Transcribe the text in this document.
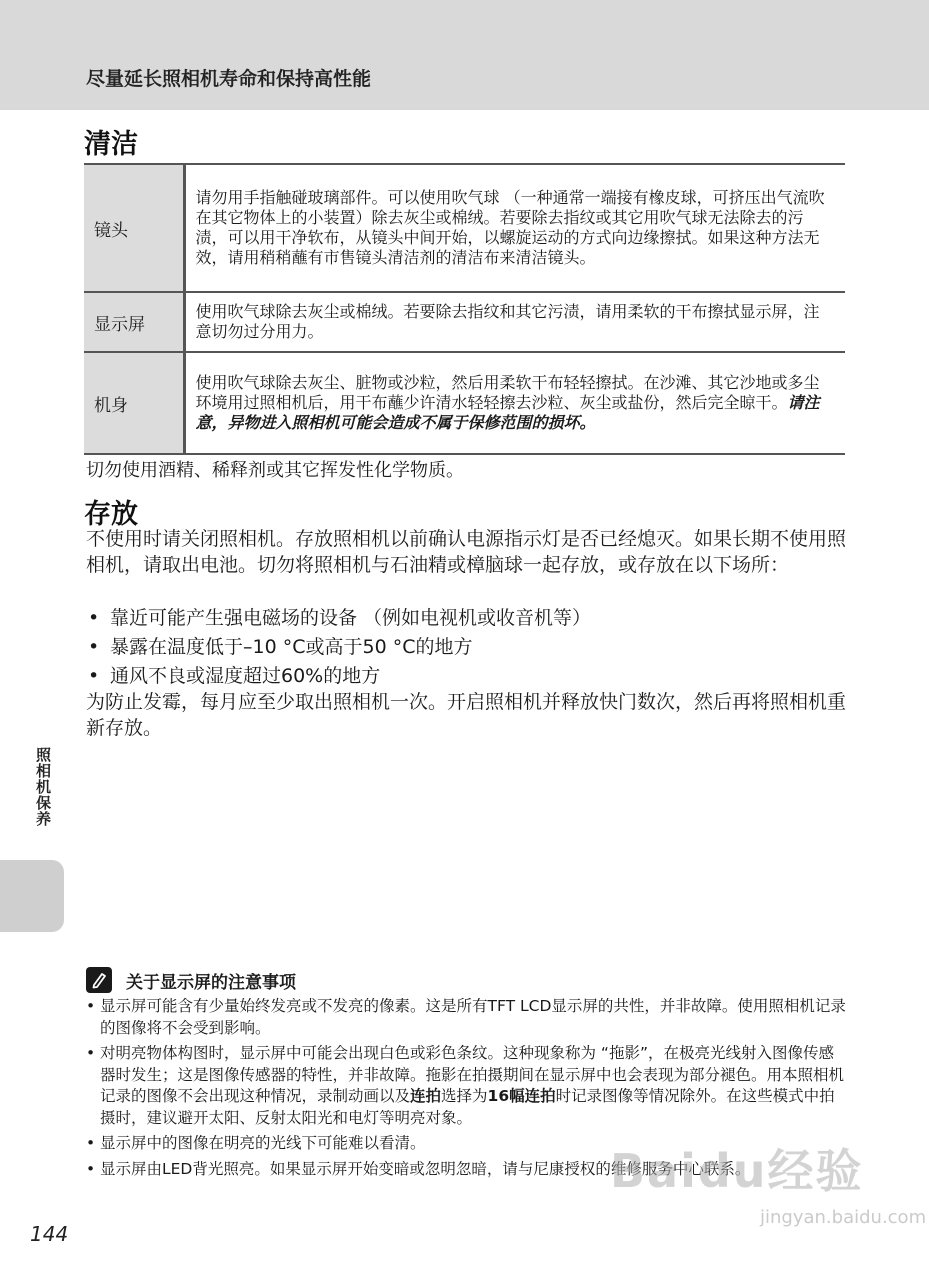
尽量延长照相机寿命和保持高性能
清洁
镜头	请勿用手指触碰玻璃部件。可以使用吹气球 （一种通常一端接有橡皮球，可挤压出气流吹在其它物体上的小装置）除去灰尘或棉绒。若要除去指纹或其它用吹气球无法除去的污渍，可以用干净软布，从镜头中间开始，以螺旋运动的方式向边缘擦拭。如果这种方法无效，请用稍稍蘸有市售镜头清洁剂的清洁布来清洁镜头。
显示屏	使用吹气球除去灰尘或棉绒。若要除去指纹和其它污渍，请用柔软的干布擦拭显示屏，注意切勿过分用力。
机身	使用吹气球除去灰尘、脏物或沙粒，然后用柔软干布轻轻擦拭。在沙滩、其它沙地或多尘环境用过照相机后，用干布蘸少许清水轻轻擦去沙粒、灰尘或盐份，然后完全晾干。请注意，异物进入照相机可能会造成不属于保修范围的损坏。
切勿使用酒精、稀释剂或其它挥发性化学物质。
存放

不使用时请关闭照相机。存放照相机以前确认电源指示灯是否已经熄灭。如果长期不使用照相机，请取出电池。切勿将照相机与石油精或樟脑球一起存放，或存放在以下场所：

• 靠近可能产生强电磁场的设备 （例如电视机或收音机等）
• 暴露在温度低于–10 °C或高于50 °C的地方
• 通风不良或湿度超过60%的地方

为防止发霉，每月应至少取出照相机一次。开启照相机并释放快门数次，然后再将照相机重新存放。

照相机保养
关于显示屏的注意事项
• 显示屏可能含有少量始终发亮或不发亮的像素。这是所有TFT LCD显示屏的共性，并非故障。使用照相机记录的图像将不会受到影响。
• 对明亮物体构图时，显示屏中可能会出现白色或彩色条纹。这种现象称为 “拖影”，在极亮光线射入图像传感器时发生；这是图像传感器的特性，并非故障。拖影在拍摄期间在显示屏中也会表现为部分褪色。用本照相机记录的图像不会出现这种情况，录制动画以及连拍选择为16幅连拍时记录图像等情况除外。在这些模式中拍摄时，建议避开太阳、反射太阳光和电灯等明亮对象。
• 显示屏中的图像在明亮的光线下可能难以看清。
• 显示屏由LED背光照亮。如果显示屏开始变暗或忽明忽暗，请与尼康授权的维修服务中心联系。
144
Baidu经验
jingyan.baidu.com
